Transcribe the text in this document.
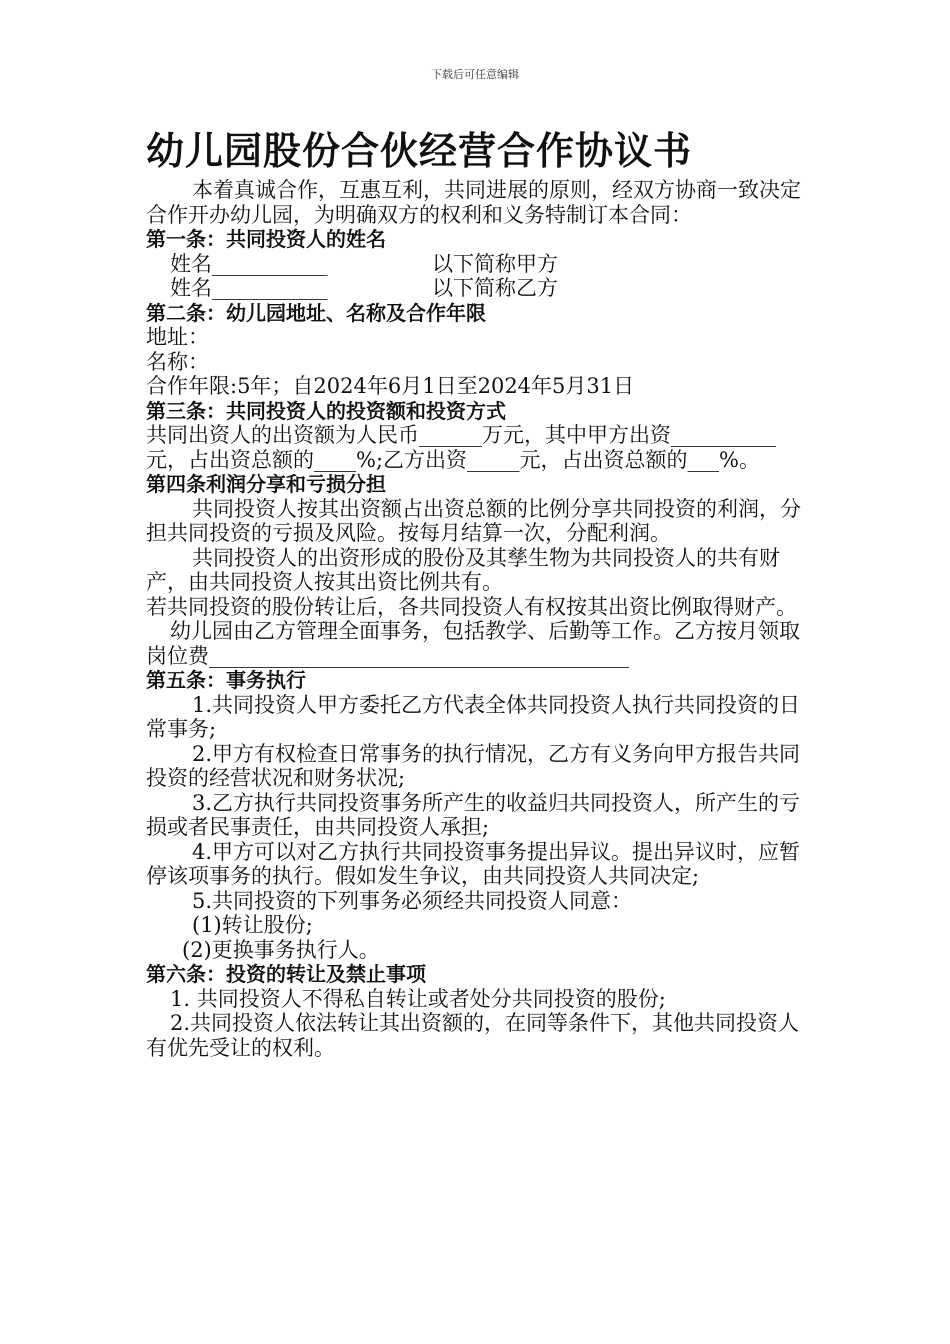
下载后可任意编辑
幼儿园股份合伙经营合作协议书

本着真诚合作，互惠互利，共同进展的原则，经双方协商一致决定合作开办幼儿园，为明确双方的权利和义务特制订本合同：

第一条：共同投资人的姓名

姓名___________	以下简称甲方
姓名___________	以下简称乙方

第二条：幼儿园地址、名称及合作年限

地址：

名称：

合作年限:5年；自2024年6月1日至2024年5月31日

第三条：共同投资人的投资额和投资方式

共同出资人的出资额为人民币______万元，其中甲方出资__________元，占出资总额的____%;乙方出资_____元，占出资总额的___%。

第四条利润分享和亏损分担

共同投资人按其出资额占出资总额的比例分享共同投资的利润，分担共同投资的亏损及风险。按每月结算一次，分配利润。

共同投资人的出资形成的股份及其孳生物为共同投资人的共有财产，由共同投资人按其出资比例共有。

若共同投资的股份转让后，各共同投资人有权按其出资比例取得财产。

幼儿园由乙方管理全面事务，包括教学、后勤等工作。乙方按月领取岗位费________________________________________

第五条：事务执行

1.共同投资人甲方委托乙方代表全体共同投资人执行共同投资的日常事务;

2.甲方有权检查日常事务的执行情况，乙方有义务向甲方报告共同投资的经营状况和财务状况;

3.乙方执行共同投资事务所产生的收益归共同投资人，所产生的亏损或者民事责任，由共同投资人承担;

4.甲方可以对乙方执行共同投资事务提出异议。提出异议时，应暂停该项事务的执行。假如发生争议，由共同投资人共同决定;

5.共同投资的下列事务必须经共同投资人同意：

(1)转让股份;

(2)更换事务执行人。

第六条：投资的转让及禁止事项

1. 共同投资人不得私自转让或者处分共同投资的股份;

2.共同投资人依法转让其出资额的，在同等条件下，其他共同投资人有优先受让的权利。
